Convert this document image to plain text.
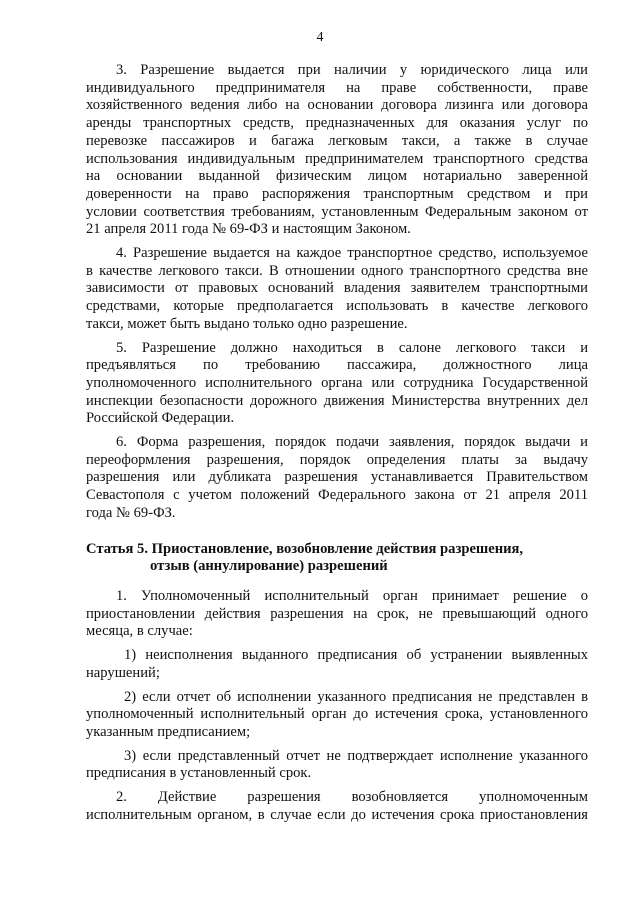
4
3. Разрешение выдается при наличии у юридического лица или
индивидуального предпринимателя на праве собственности, праве
хозяйственного ведения либо на основании договора лизинга или договора
аренды транспортных средств, предназначенных для оказания услуг по
перевозке пассажиров и багажа легковым такси, а также в случае
использования индивидуальным предпринимателем транспортного средства
на основании выданной физическим лицом нотариально заверенной
доверенности на право распоряжения транспортным средством и при
условии соответствия требованиям, установленным Федеральным законом от
21 апреля 2011 года № 69-ФЗ и настоящим Законом.
4. Разрешение выдается на каждое транспортное средство, используемое
в качестве легкового такси. В отношении одного транспортного средства вне
зависимости от правовых оснований владения заявителем транспортными
средствами, которые предполагается использовать в качестве легкового
такси, может быть выдано только одно разрешение.
5. Разрешение должно находиться в салоне легкового такси и
предъявляться по требованию пассажира, должностного лица
уполномоченного исполнительного органа или сотрудника Государственной
инспекции безопасности дорожного движения Министерства внутренних дел
Российской Федерации.
6. Форма разрешения, порядок подачи заявления, порядок выдачи и
переоформления разрешения, порядок определения платы за выдачу
разрешения или дубликата разрешения устанавливается Правительством
Севастополя с учетом положений Федерального закона от 21 апреля 2011
года № 69-ФЗ.
Статья 5. Приостановление, возобновление действия разрешения,
отзыв (аннулирование) разрешений
1. Уполномоченный исполнительный орган принимает решение о
приостановлении действия разрешения на срок, не превышающий одного
месяца, в случае:
1) неисполнения выданного предписания об устранении выявленных
нарушений;
2) если отчет об исполнении указанного предписания не представлен в
уполномоченный исполнительный орган до истечения срока, установленного
указанным предписанием;
3) если представленный отчет не подтверждает исполнение указанного
предписания в установленный срок.
2. Действие разрешения возобновляется уполномоченным
исполнительным органом, в случае если до истечения срока приостановления
